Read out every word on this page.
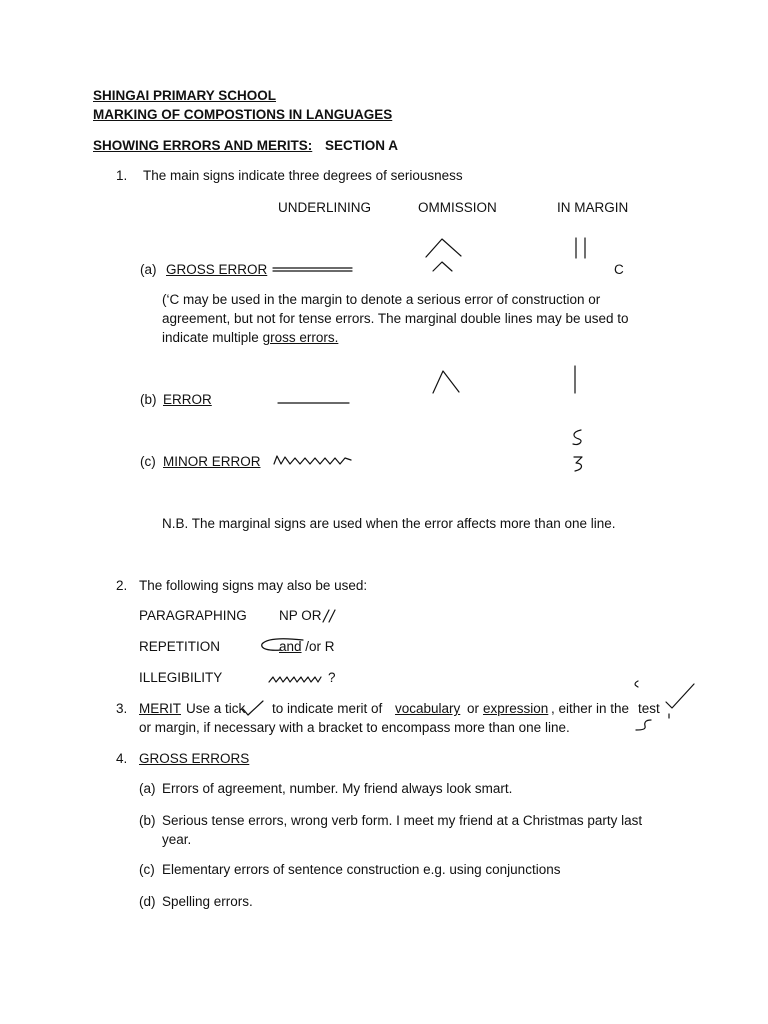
SHINGAI PRIMARY SCHOOL
MARKING OF COMPOSTIONS IN LANGUAGES
SHOWING ERRORS AND MERITS: SECTION A
1. The main signs indicate three degrees of seriousness
UNDERLINING	OMMISSION	IN MARGIN
(a) GROSS ERROR	C
(‘C may be used in the margin to denote a serious error of construction or
agreement, but not for tense errors. The marginal double lines may be used to
indicate multiple gross errors.
(b) ERROR
(c) MINOR ERROR
N.B. The marginal signs are used when the error affects more than one line.
2. The following signs may also be used:
PARAGRAPHING NP OR
REPETITION	and /or R
ILLEGIBILITY	?
3. MERIT Use a tick to indicate merit of vocabulary or expression , either in the test
or margin, if necessary with a bracket to encompass more than one line.
4. GROSS ERRORS
(a) Errors of agreement, number. My friend always look smart.
(b) Serious tense errors, wrong verb form. I meet my friend at a Christmas party last
year.
(c) Elementary errors of sentence construction e.g. using conjunctions
(d) Spelling errors.
